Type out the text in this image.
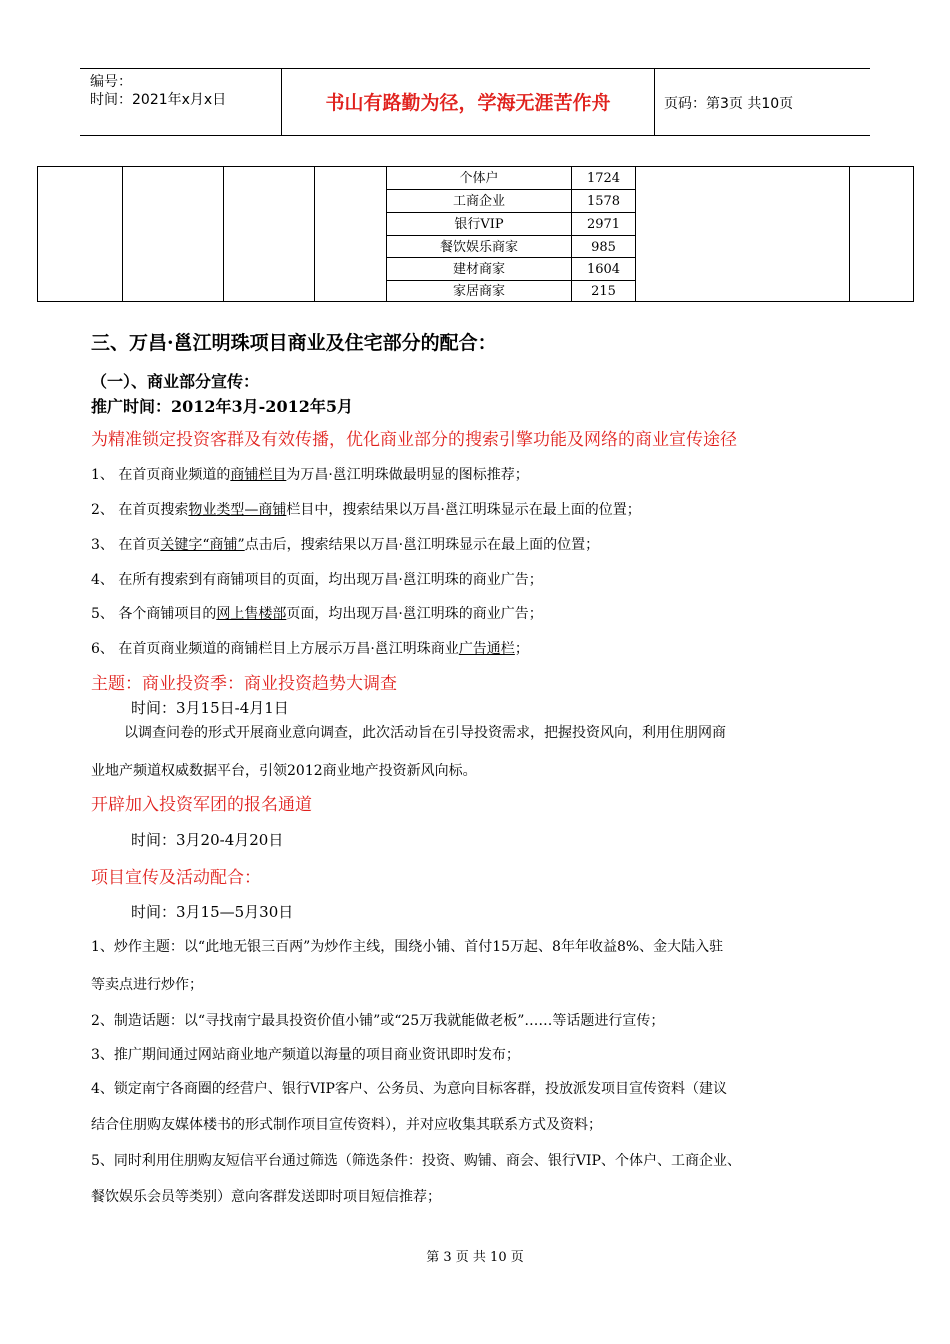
编号：
时间：2021年x月x日	书山有路勤为径，学海无涯苦作舟	页码：第3页 共10页
个体户	1724
工商企业	1578
银行VIP	2971
餐饮娱乐商家	985
建材商家	1604
家居商家	215
三、万昌·邕江明珠项目商业及住宅部分的配合：
（一）、商业部分宣传：
推广时间：2012年3月-2012年5月
为精准锁定投资客群及有效传播，优化商业部分的搜索引擎功能及网络的商业宣传途径
1、 在首页商业频道的商铺栏目为万昌·邕江明珠做最明显的图标推荐；
2、 在首页搜索物业类型—商铺栏目中，搜索结果以万昌·邕江明珠显示在最上面的位置；
3、 在首页关键字“商铺”点击后，搜索结果以万昌·邕江明珠显示在最上面的位置；
4、 在所有搜索到有商铺项目的页面，均出现万昌·邕江明珠的商业广告；
5、 各个商铺项目的网上售楼部页面，均出现万昌·邕江明珠的商业广告；
6、 在首页商业频道的商铺栏目上方展示万昌·邕江明珠商业广告通栏；
主题：商业投资季：商业投资趋势大调查
时间：3月15日-4月1日
以调查问卷的形式开展商业意向调查，此次活动旨在引导投资需求，把握投资风向，利用住朋网商
业地产频道权威数据平台，引领2012商业地产投资新风向标。
开辟加入投资军团的报名通道
时间：3月20-4月20日
项目宣传及活动配合：
时间：3月15—5月30日
1、炒作主题：以“此地无银三百两”为炒作主线，围绕小铺、首付15万起、8年年收益8%、金大陆入驻
等卖点进行炒作；
2、制造话题：以“寻找南宁最具投资价值小铺”或“25万我就能做老板”……等话题进行宣传；
3、推广期间通过网站商业地产频道以海量的项目商业资讯即时发布；
4、锁定南宁各商圈的经营户、银行VIP客户、公务员、为意向目标客群，投放派发项目宣传资料（建议
结合住朋购友媒体楼书的形式制作项目宣传资料），并对应收集其联系方式及资料；
5、同时利用住朋购友短信平台通过筛选（筛选条件：投资、购铺、商会、银行VIP、个体户、工商企业、
餐饮娱乐会员等类别）意向客群发送即时项目短信推荐；
第 3 页 共 10 页
